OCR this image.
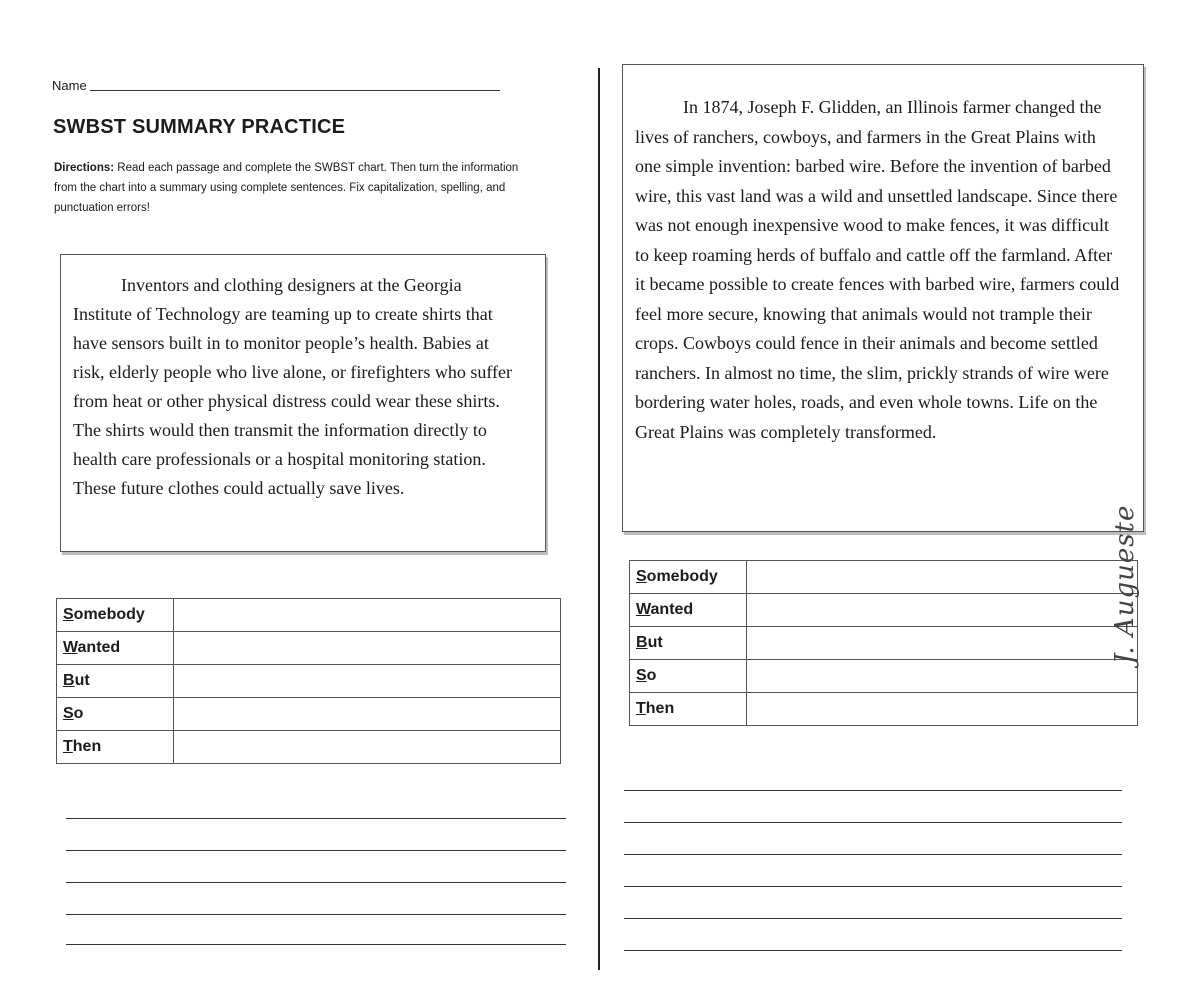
Name
SWBST SUMMARY PRACTICE
Directions: Read each passage and complete the SWBST chart. Then turn the information from the chart into a summary using complete sentences. Fix capitalization, spelling, and punctuation errors!

Inventors and clothing designers at the Georgia Institute of Technology are teaming up to create shirts that have sensors built in to monitor people’s health. Babies at risk, elderly people who live alone, or firefighters who suffer from heat or other physical distress could wear these shirts. The shirts would then transmit the information directly to health care professionals or a hospital monitoring station. These future clothes could actually save lives.

Somebody	
Wanted	
But	
So	
Then	

In 1874, Joseph F. Glidden, an Illinois farmer changed the lives of ranchers, cowboys, and farmers in the Great Plains with one simple invention: barbed wire. Before the invention of barbed wire, this vast land was a wild and unsettled landscape. Since there was not enough inexpensive wood to make fences, it was difficult to keep roaming herds of buffalo and cattle off the farmland. After it became possible to create fences with barbed wire, farmers could feel more secure, knowing that animals would not trample their crops. Cowboys could fence in their animals and become settled ranchers. In almost no time, the slim, prickly strands of wire were bordering water holes, roads, and even whole towns. Life on the Great Plains was completely transformed.

Somebody	
Wanted	
But	
So	
Then	
J. Augueste
